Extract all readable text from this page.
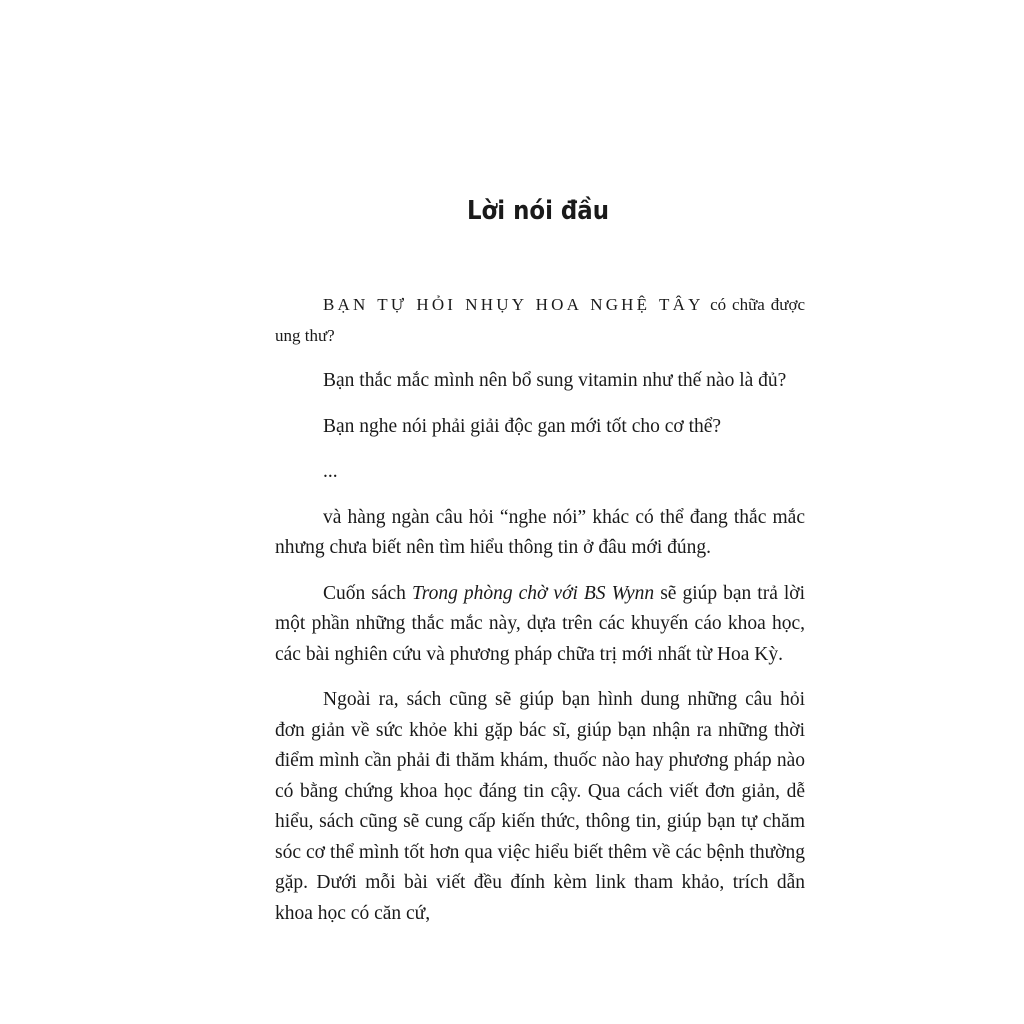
Lời nói đầu

BẠN TỰ HỎI NHỤY HOA NGHỆ TÂY có chữa được ung thư?

Bạn thắc mắc mình nên bổ sung vitamin như thế nào là đủ?

Bạn nghe nói phải giải độc gan mới tốt cho cơ thể?

...

và hàng ngàn câu hỏi “nghe nói” khác có thể đang thắc mắc nhưng chưa biết nên tìm hiểu thông tin ở đâu mới đúng.

Cuốn sách Trong phòng chờ với BS Wynn sẽ giúp bạn trả lời một phần những thắc mắc này, dựa trên các khuyến cáo khoa học, các bài nghiên cứu và phương pháp chữa trị mới nhất từ Hoa Kỳ.

Ngoài ra, sách cũng sẽ giúp bạn hình dung những câu hỏi đơn giản về sức khỏe khi gặp bác sĩ, giúp bạn nhận ra những thời điểm mình cần phải đi thăm khám, thuốc nào hay phương pháp nào có bằng chứng khoa học đáng tin cậy. Qua cách viết đơn giản, dễ hiểu, sách cũng sẽ cung cấp kiến thức, thông tin, giúp bạn tự chăm sóc cơ thể mình tốt hơn qua việc hiểu biết thêm về các bệnh thường gặp. Dưới mỗi bài viết đều đính kèm link tham khảo, trích dẫn khoa học có căn cứ,
